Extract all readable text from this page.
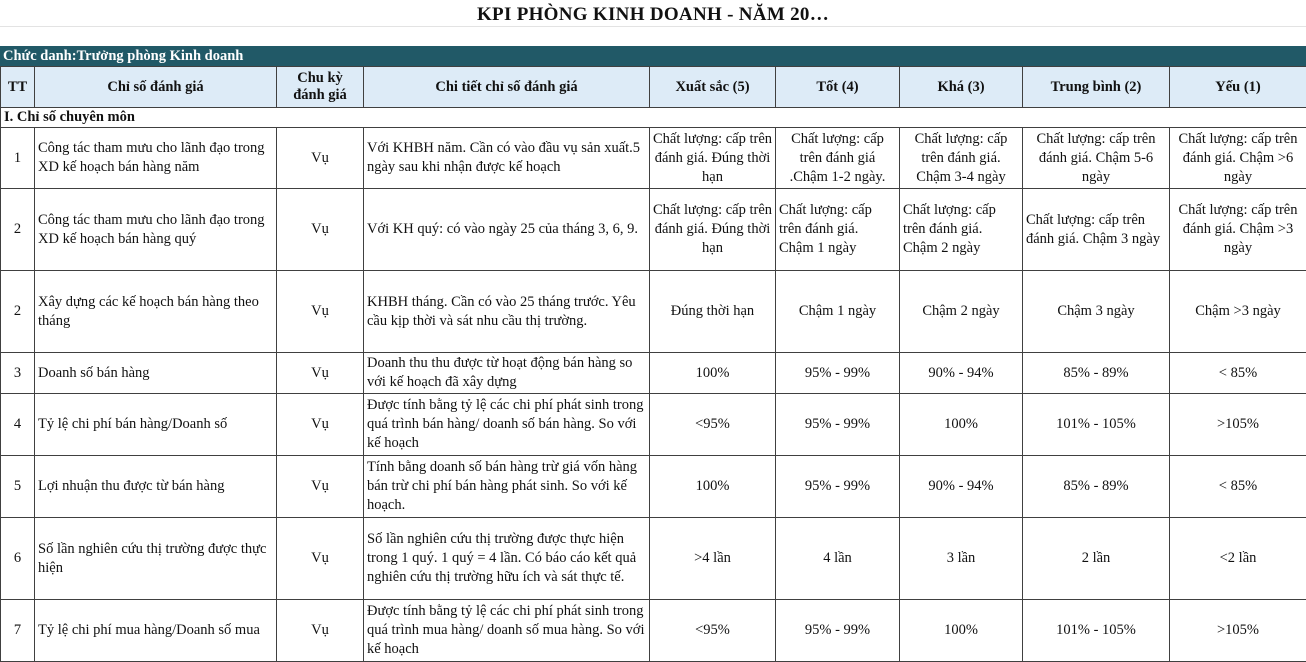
KPI PHÒNG KINH DOANH - NĂM 20…
Chức danh:Trưởng phòng Kinh doanh
TT	Chỉ số đánh giá	Chu kỳ đánh giá	Chi tiết chỉ số đánh giá	Xuất sắc (5)	Tốt (4)	Khá (3)	Trung bình (2)	Yếu (1)
I. Chỉ số chuyên môn								
1	Công tác tham mưu cho lãnh đạo trong XD kế hoạch bán hàng năm	Vụ	Với KHBH năm. Cần có vào đầu vụ sản xuất.5 ngày sau khi nhận được kế hoạch	Chất lượng: cấp trên đánh giá. Đúng thời hạn	Chất lượng: cấp trên đánh giá .Chậm 1-2 ngày.	Chất lượng: cấp trên đánh giá. Chậm 3-4 ngày	Chất lượng: cấp trên đánh giá. Chậm 5-6 ngày	Chất lượng: cấp trên đánh giá. Chậm >6 ngày
2	Công tác tham mưu cho lãnh đạo trong XD kế hoạch bán hàng quý	Vụ	Với KH quý: có vào ngày 25 của tháng 3, 6, 9.	Chất lượng: cấp trên đánh giá. Đúng thời hạn	Chất lượng: cấp trên đánh giá. Chậm 1 ngày	Chất lượng: cấp trên đánh giá. Chậm 2 ngày	Chất lượng: cấp trên đánh giá. Chậm 3 ngày	Chất lượng: cấp trên đánh giá. Chậm >3 ngày
2	Xây dựng các kế hoạch bán hàng theo tháng	Vụ	KHBH tháng. Cần có vào 25 tháng trước. Yêu cầu kịp thời và sát nhu cầu thị trường.	Đúng thời hạn	Chậm 1 ngày	Chậm 2 ngày	Chậm 3 ngày	Chậm >3 ngày
3	Doanh số bán hàng	Vụ	Doanh thu thu được từ hoạt động bán hàng so với kế hoạch đã xây dựng	100%	95% - 99%	90% - 94%	85% - 89%	< 85%
4	Tỷ lệ chi phí bán hàng/Doanh số	Vụ	Được tính bằng tỷ lệ các chi phí phát sinh trong quá trình bán hàng/ doanh số bán hàng. So với kế hoạch	<95%	95% - 99%	100%	101% - 105%	>105%
5	Lợi nhuận thu được từ bán hàng	Vụ	Tính bằng doanh số bán hàng trừ giá vốn hàng bán trừ chi phí bán hàng phát sinh. So với kế hoạch.	100%	95% - 99%	90% - 94%	85% - 89%	< 85%
6	Số lần nghiên cứu thị trường được thực hiện	Vụ	Số lần nghiên cứu thị trường được thực hiện trong 1 quý. 1 quý = 4 lần. Có báo cáo kết quả nghiên cứu thị trường hữu ích và sát thực tế.	>4 lần	4 lần	3 lần	2 lần	<2 lần
7	Tỷ lệ chi phí mua hàng/Doanh số mua	Vụ	Được tính bằng tỷ lệ các chi phí phát sinh trong quá trình mua hàng/ doanh số mua hàng. So với kế hoạch	<95%	95% - 99%	100%	101% - 105%	>105%
